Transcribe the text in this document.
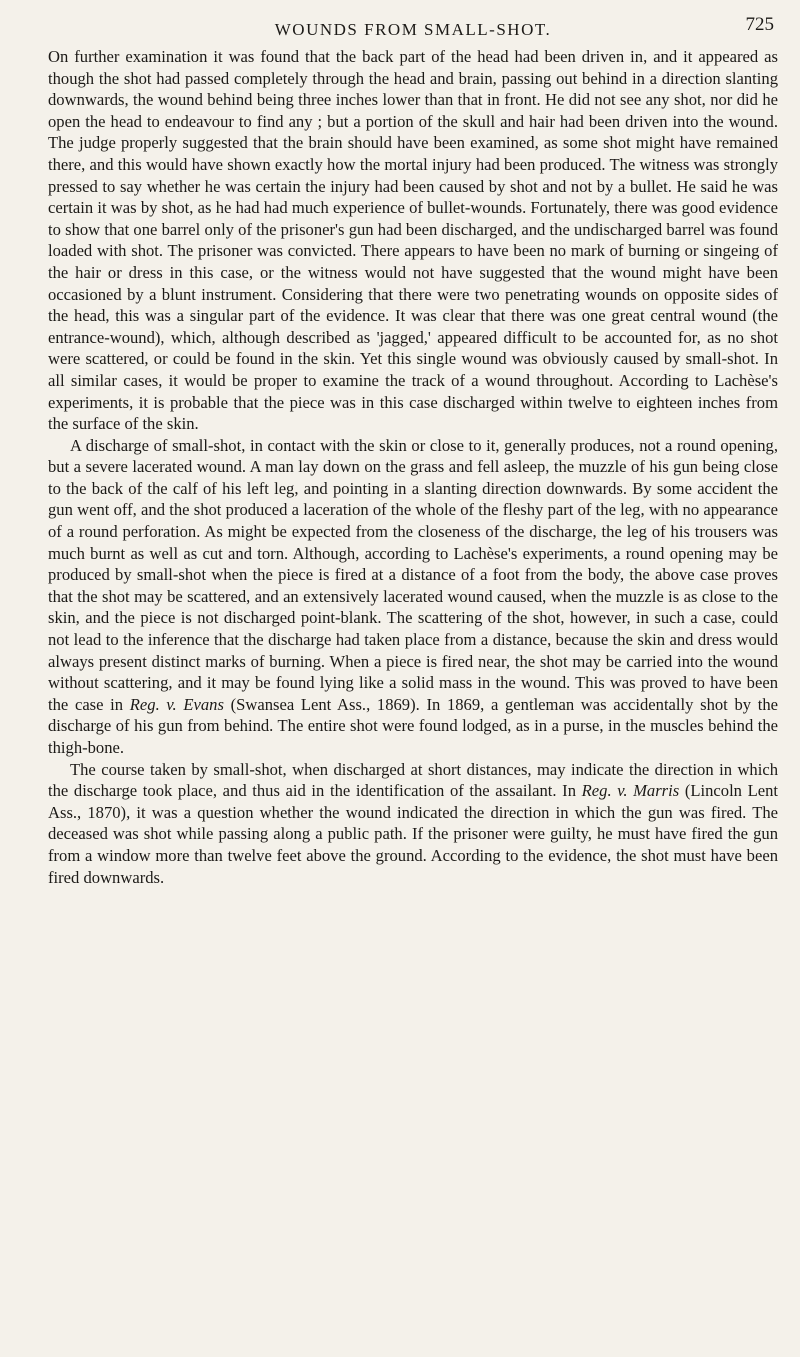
WOUNDS FROM SMALL-SHOT.	725

On further examination it was found that the back part of the head had been driven in, and it appeared as though the shot had passed completely through the head and brain, passing out behind in a direction slanting downwards, the wound behind being three inches lower than that in front. He did not see any shot, nor did he open the head to endeavour to find any ; but a portion of the skull and hair had been driven into the wound. The judge properly suggested that the brain should have been examined, as some shot might have remained there, and this would have shown exactly how the mortal injury had been produced. The witness was strongly pressed to say whether he was certain the injury had been caused by shot and not by a bullet. He said he was certain it was by shot, as he had had much experience of bullet-wounds. Fortunately, there was good evidence to show that one barrel only of the prisoner's gun had been discharged, and the undischarged barrel was found loaded with shot. The prisoner was convicted. There appears to have been no mark of burning or singeing of the hair or dress in this case, or the witness would not have suggested that the wound might have been occasioned by a blunt instrument. Considering that there were two penetrating wounds on opposite sides of the head, this was a singular part of the evidence. It was clear that there was one great central wound (the entrance-wound), which, although described as 'jagged,' appeared difficult to be accounted for, as no shot were scattered, or could be found in the skin. Yet this single wound was obviously caused by small-shot. In all similar cases, it would be proper to examine the track of a wound throughout. According to Lachèse's experiments, it is probable that the piece was in this case discharged within twelve to eighteen inches from the surface of the skin.

A discharge of small-shot, in contact with the skin or close to it, generally produces, not a round opening, but a severe lacerated wound. A man lay down on the grass and fell asleep, the muzzle of his gun being close to the back of the calf of his left leg, and pointing in a slanting direction downwards. By some accident the gun went off, and the shot produced a laceration of the whole of the fleshy part of the leg, with no appearance of a round perforation. As might be expected from the closeness of the discharge, the leg of his trousers was much burnt as well as cut and torn. Although, according to Lachèse's experiments, a round opening may be produced by small-shot when the piece is fired at a distance of a foot from the body, the above case proves that the shot may be scattered, and an extensively lacerated wound caused, when the muzzle is as close to the skin, and the piece is not discharged point-blank. The scattering of the shot, however, in such a case, could not lead to the inference that the discharge had taken place from a distance, because the skin and dress would always present distinct marks of burning. When a piece is fired near, the shot may be carried into the wound without scattering, and it may be found lying like a solid mass in the wound. This was proved to have been the case in Reg. v. Evans (Swansea Lent Ass., 1869). In 1869, a gentleman was accidentally shot by the discharge of his gun from behind. The entire shot were found lodged, as in a purse, in the muscles behind the thigh-bone.

The course taken by small-shot, when discharged at short distances, may indicate the direction in which the discharge took place, and thus aid in the identification of the assailant. In Reg. v. Marris (Lincoln Lent Ass., 1870), it was a question whether the wound indicated the direction in which the gun was fired. The deceased was shot while passing along a public path. If the prisoner were guilty, he must have fired the gun from a window more than twelve feet above the ground. According to the evidence, the shot must have been fired downwards.
